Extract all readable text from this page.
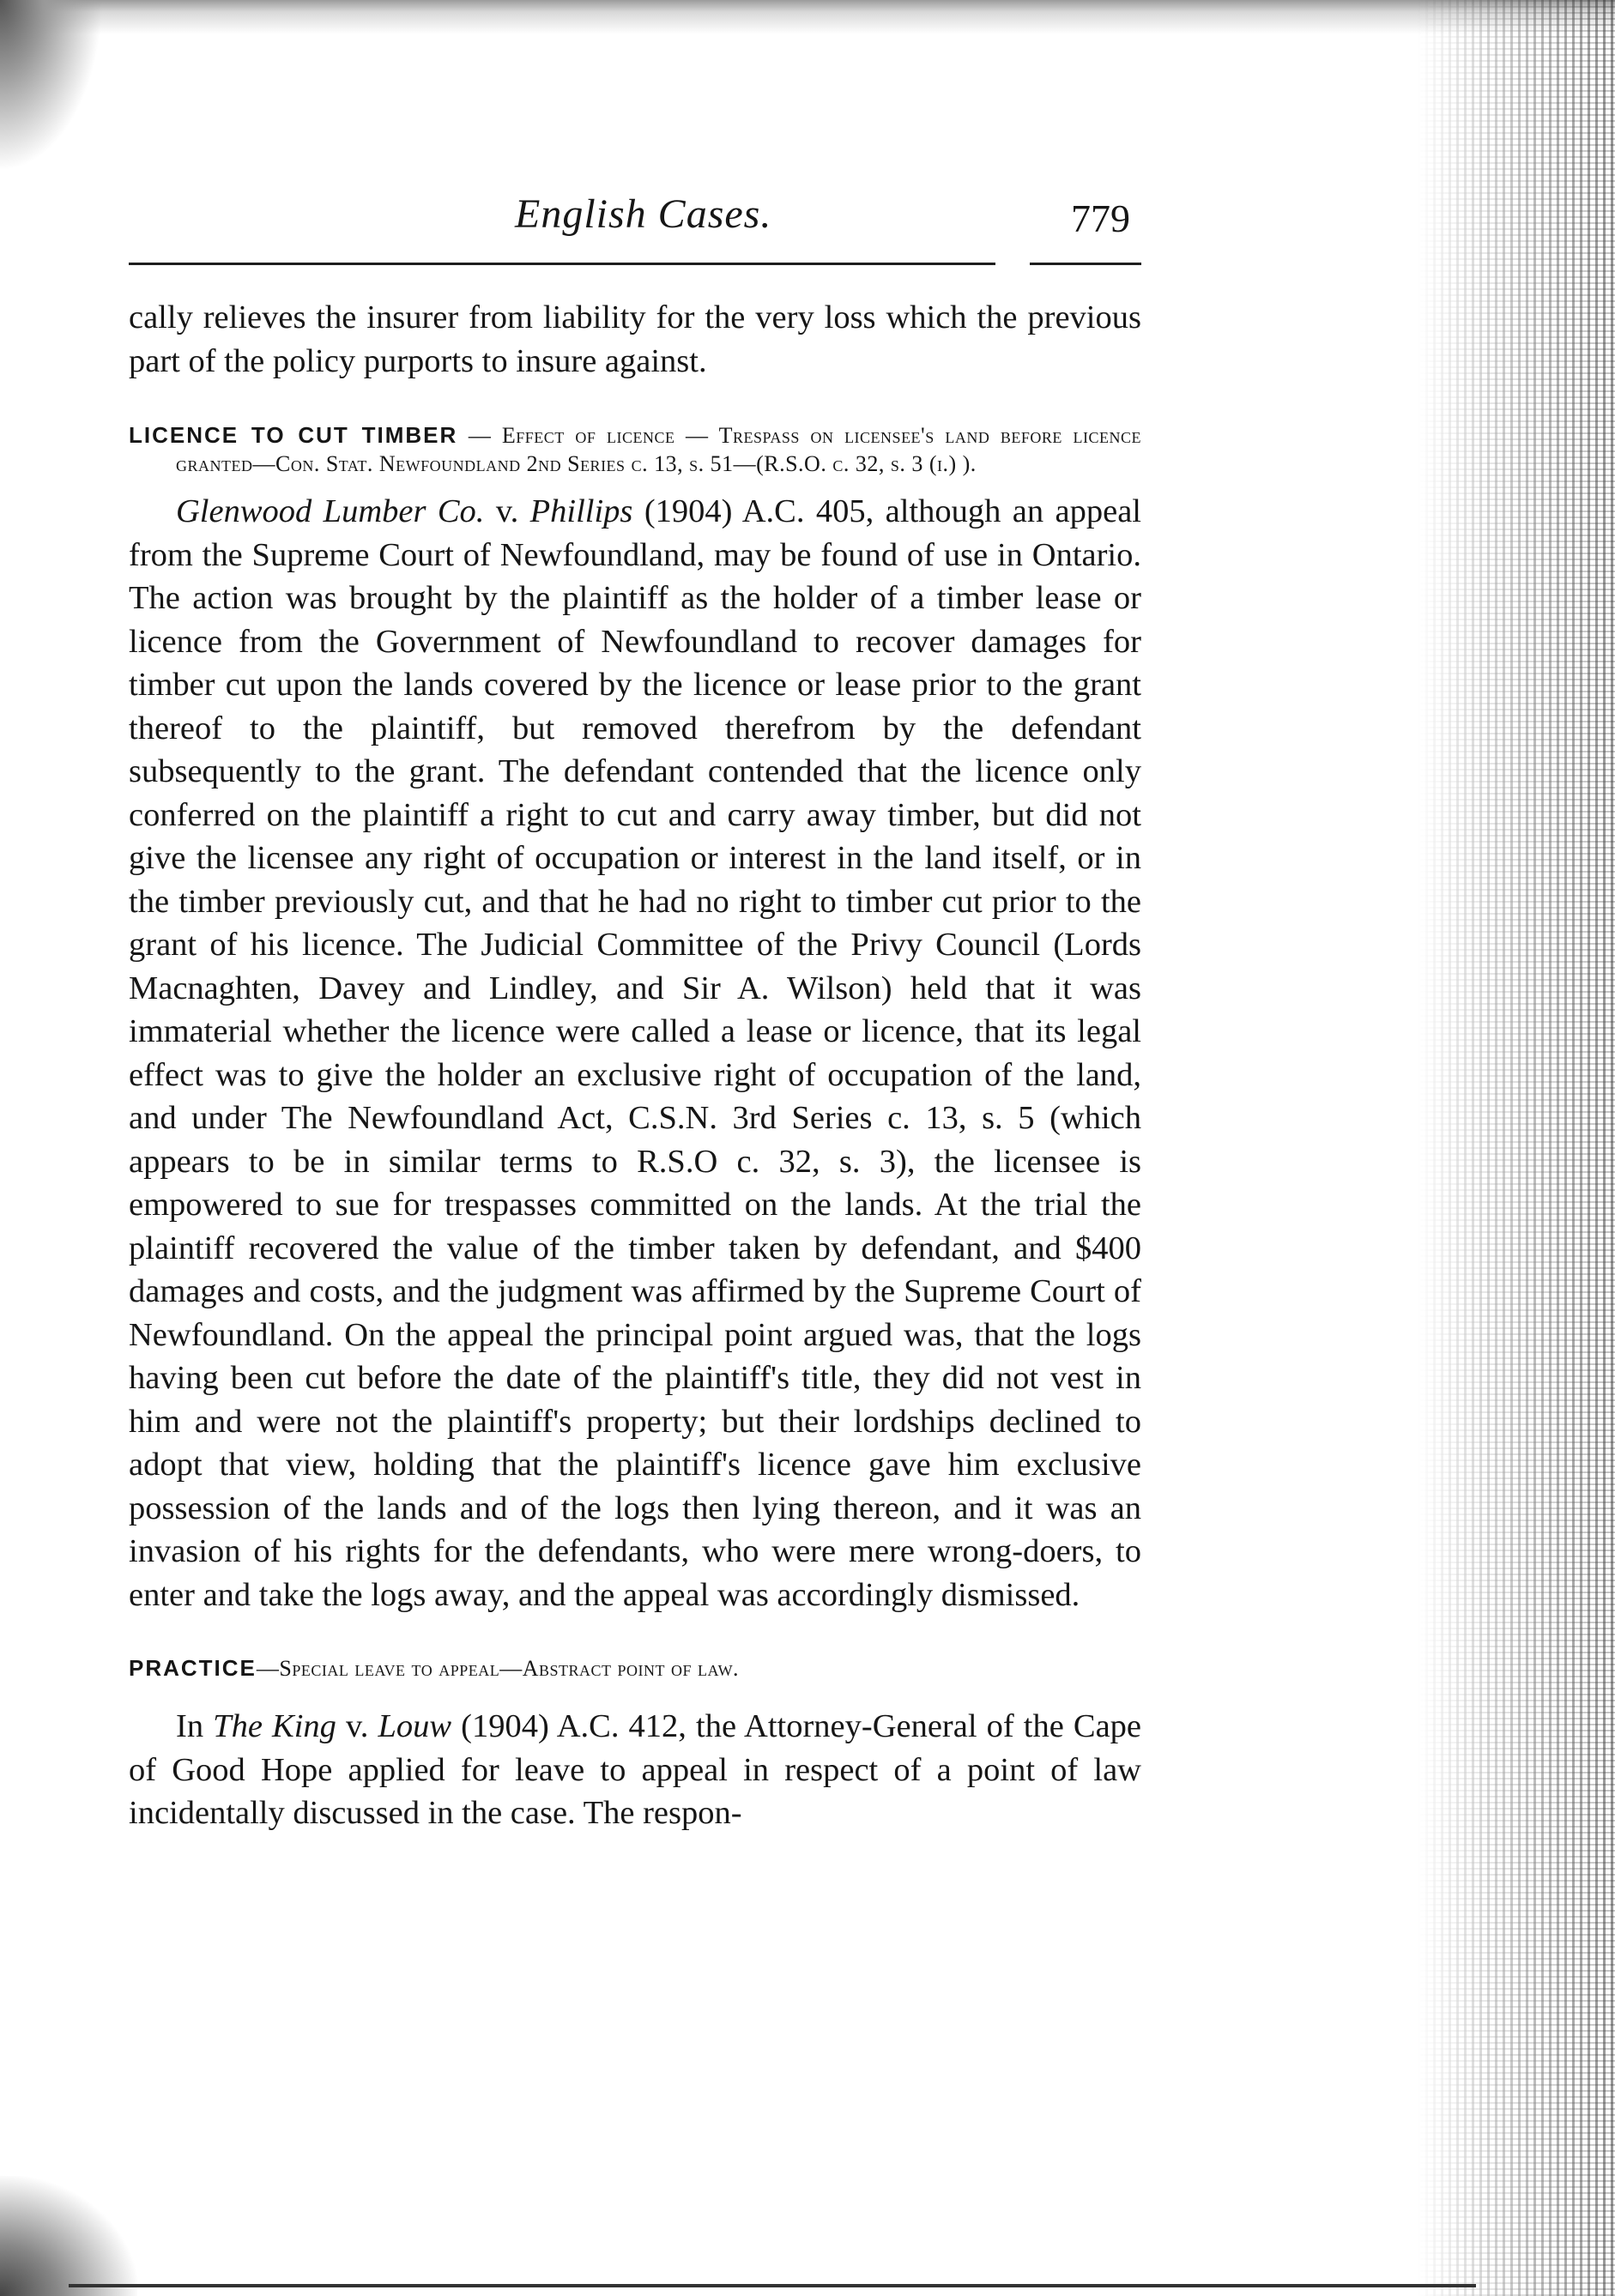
English Cases.	779

cally relieves the insurer from liability for the very loss which the previous part of the policy purports to insure against.

LICENCE TO CUT TIMBER — Effect of licence — Trespass on licensee's land before licence granted—Con. Stat. Newfoundland 2nd Series c. 13, s. 51—(R.S.O. c. 32, s. 3 (i.) ).

Glenwood Lumber Co. v. Phillips (1904) A.C. 405, although an appeal from the Supreme Court of Newfoundland, may be found of use in Ontario. The action was brought by the plaintiff as the holder of a timber lease or licence from the Government of Newfoundland to recover damages for timber cut upon the lands covered by the licence or lease prior to the grant thereof to the plaintiff, but removed therefrom by the defendant subsequently to the grant. The defendant contended that the licence only conferred on the plaintiff a right to cut and carry away timber, but did not give the licensee any right of occupation or interest in the land itself, or in the timber previously cut, and that he had no right to timber cut prior to the grant of his licence. The Judicial Committee of the Privy Council (Lords Macnaghten, Davey and Lindley, and Sir A. Wilson) held that it was immaterial whether the licence were called a lease or licence, that its legal effect was to give the holder an exclusive right of occupation of the land, and under The Newfoundland Act, C.S.N. 3rd Series c. 13, s. 5 (which appears to be in similar terms to R.S.O c. 32, s. 3), the licensee is empowered to sue for trespasses committed on the lands. At the trial the plaintiff recovered the value of the timber taken by defendant, and $400 damages and costs, and the judgment was affirmed by the Supreme Court of Newfoundland. On the appeal the principal point argued was, that the logs having been cut before the date of the plaintiff's title, they did not vest in him and were not the plaintiff's property; but their lordships declined to adopt that view, holding that the plaintiff's licence gave him exclusive possession of the lands and of the logs then lying thereon, and it was an invasion of his rights for the defendants, who were mere wrong-doers, to enter and take the logs away, and the appeal was accordingly dismissed.

PRACTICE—Special leave to appeal—Abstract point of law.

In The King v. Louw (1904) A.C. 412, the Attorney-General of the Cape of Good Hope applied for leave to appeal in respect of a point of law incidentally discussed in the case. The respon-
